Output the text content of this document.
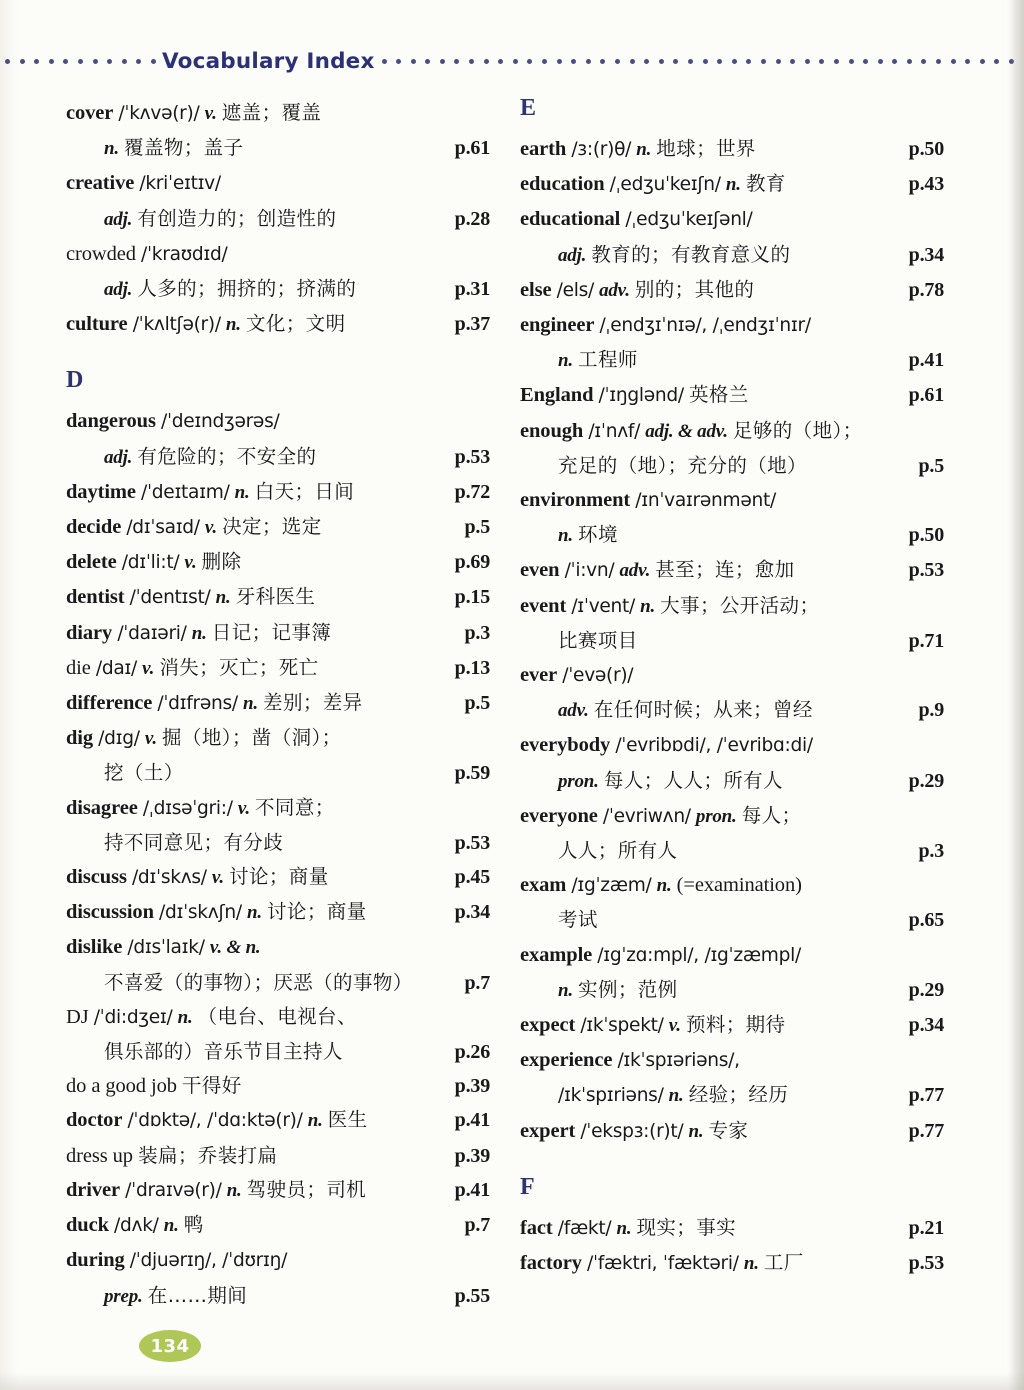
Vocabulary Index
cover /ˈkʌvə(r)/ v. 遮盖；覆盖
n. 覆盖物；盖子	p.61
creative /kriˈeɪtɪv/
adj. 有创造力的；创造性的	p.28
crowded /ˈkraʊdɪd/
adj. 人多的；拥挤的；挤满的	p.31
culture /ˈkʌltʃə(r)/ n. 文化；文明	p.37
D
dangerous /ˈdeɪndʒərəs/
adj. 有危险的；不安全的	p.53
daytime /ˈdeɪtaɪm/ n. 白天；日间	p.72
decide /dɪˈsaɪd/ v. 决定；选定	p.5
delete /dɪˈli:t/ v. 删除	p.69
dentist /ˈdentɪst/ n. 牙科医生	p.15
diary /ˈdaɪəri/ n. 日记；记事簿	p.3
die /daɪ/ v. 消失；灭亡；死亡	p.13
difference /ˈdɪfrəns/ n. 差别；差异	p.5
dig /dɪg/ v. 掘（地）；凿（洞）；
挖（土）	p.59
disagree /ˌdɪsəˈgri:/ v. 不同意；
持不同意见；有分歧	p.53
discuss /dɪˈskʌs/ v. 讨论；商量	p.45
discussion /dɪˈskʌʃn/ n. 讨论；商量	p.34
dislike /dɪsˈlaɪk/ v. & n.
不喜爱（的事物）；厌恶（的事物）	p.7
DJ /ˈdi:dʒeɪ/ n. （电台、电视台、
俱乐部的）音乐节目主持人	p.26
do a good job 干得好	p.39
doctor /ˈdɒktə/, /ˈdɑ:ktə(r)/ n. 医生	p.41
dress up 装扁；乔装打扁	p.39
driver /ˈdraɪvə(r)/ n. 驾驶员；司机	p.41
duck /dʌk/ n. 鸭	p.7
during /ˈdjuərɪŋ/, /ˈdʊrɪŋ/
prep. 在……期间	p.55
E
earth /ɜ:(r)θ/ n. 地球；世界	p.50
education /ˌedʒuˈkeɪʃn/ n. 教育	p.43
educational /ˌedʒuˈkeɪʃənl/
adj. 教育的；有教育意义的	p.34
else /els/ adv. 别的；其他的	p.78
engineer /ˌendʒɪˈnɪə/, /ˌendʒɪˈnɪr/
n. 工程师	p.41
England /ˈɪŋglənd/ 英格兰	p.61
enough /ɪˈnʌf/ adj. & adv. 足够的（地）；
充足的（地）；充分的（地）	p.5
environment /ɪnˈvaɪrənmənt/
n. 环境	p.50
even /ˈi:vn/ adv. 甚至；连；愈加	p.53
event /ɪˈvent/ n. 大事；公开活动；
比赛项目	p.71
ever /ˈevə(r)/
adv. 在任何时候；从来；曾经	p.9
everybody /ˈevribɒdi/, /ˈevribɑ:di/
pron. 每人；人人；所有人	p.29
everyone /ˈevriwʌn/ pron. 每人；
人人；所有人	p.3
exam /ɪgˈzæm/ n. (=examination)
考试	p.65
example /ɪgˈzɑ:mpl/, /ɪgˈzæmpl/
n. 实例；范例	p.29
expect /ɪkˈspekt/ v. 预料；期待	p.34
experience /ɪkˈspɪəriəns/,
/ɪkˈspɪriəns/ n. 经验；经历	p.77
expert /ˈekspɜ:(r)t/ n. 专家	p.77
F
fact /fækt/ n. 现实；事实	p.21
factory /ˈfæktri, ˈfæktəri/ n. 工厂	p.53
134
